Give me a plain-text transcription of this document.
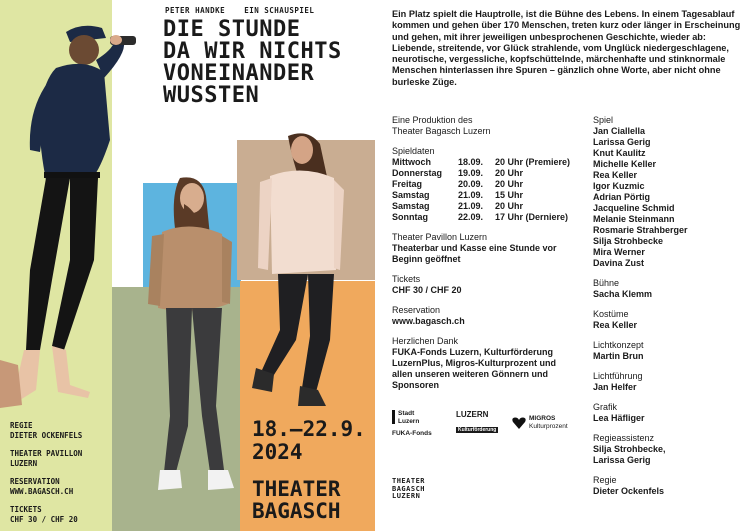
PETER HANDKE	EIN SCHAUSPIEL
DIE STUNDE
DA WIR NICHTS
VONEINANDER
WUSSTEN
REGIE
DIETER OCKENFELS
THEATER PAVILLON
LUZERN
RESERVATION
WWW.BAGASCH.CH
TICKETS
CHF 30 / CHF 20
18.–22.9.
2024
THEATER
BAGASCH

Ein Platz spielt die Hauptrolle, ist die Bühne des Lebens. In einem Tagesablauf kommen und gehen über 170 Menschen, treten kurz oder länger in Erscheinung und gehen, mit ihrer jeweiligen unbesprochenen Geschichte, wieder ab: Liebende, streitende, vor Glück strahlende, vom Unglück niedergeschlagene, neurotische, vergessliche, kopfschüttelnde, märchenhafte und stinknormale Menschen hinterlassen ihre Spuren – gänzlich ohne Worte, aber nicht ohne burleske Züge.

Eine Produktion des
Theater Bagasch Luzern
Spieldaten
Mittwoch	18.09.	20 Uhr (Premiere)
Donnerstag	19.09.	20 Uhr
Freitag	20.09.	20 Uhr
Samstag	21.09.	15 Uhr
Samstag	21.09.	20 Uhr
Sonntag	22.09.	17 Uhr (Derniere)
Theater Pavillon Luzern
Theaterbar und Kasse eine Stunde vor Beginn geöffnet
Tickets
CHF 30 / CHF 20
Reservation
www.bagasch.ch
Herzlichen Dank
FUKA-Fonds Luzern, Kulturförderung LuzernPlus, Migros-Kulturprozent und allen unseren weiteren Gönnern und Sponsoren
Stadt
Luzern
FUKA-Fonds
LUZERN
Kulturförderung
MIGROS
Kulturprozent
THEATER
BAGASCH
LUZERN
Spiel
Jan Ciallella
Larissa Gerig
Knut Kaulitz
Michelle Keller
Rea Keller
Igor Kuzmic
Adrian Pörtig
Jacqueline Schmid
Melanie Steinmann
Rosmarie Strahberger
Silja Strohbecke
Mira Werner
Davina Zust
Bühne
Sacha Klemm
Kostüme
Rea Keller
Lichtkonzept
Martin Brun
Lichtführung
Jan Helfer
Grafik
Lea Häfliger
Regieassistenz
Silja Strohbecke,
Larissa Gerig
Regie
Dieter Ockenfels
